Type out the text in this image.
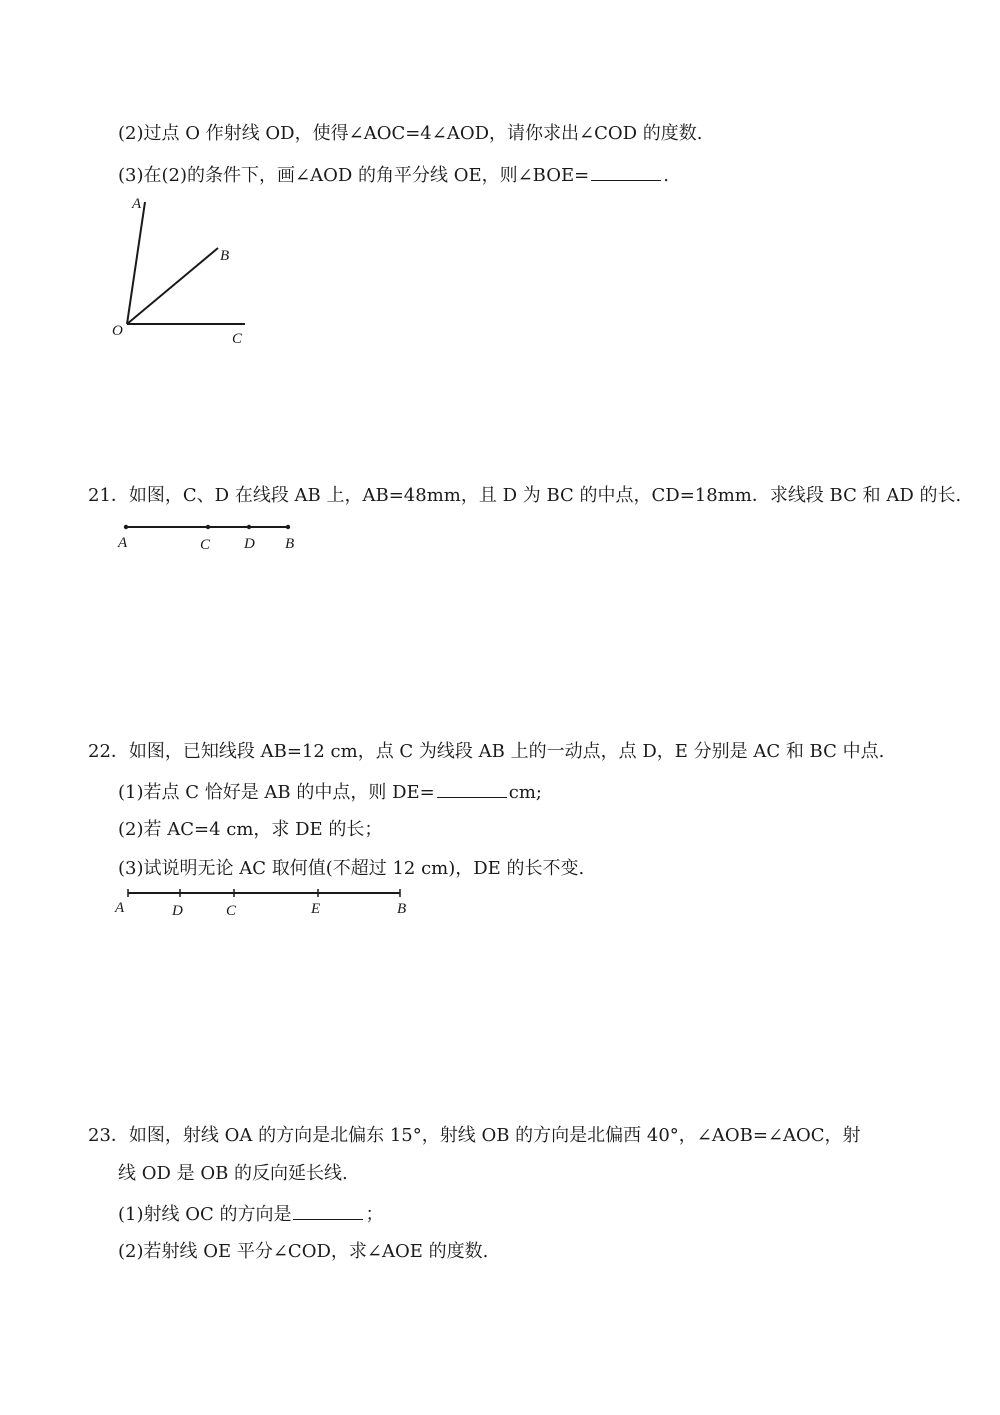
(2)过点 O 作射线 OD，使得∠AOC=4∠AOD，请你求出∠COD 的度数.
(3)在(2)的条件下，画∠AOD 的角平分线 OE，则∠BOE=	.
A
B
O	C
21．如图，C、D 在线段 AB 上，AB=48mm，且 D 为 BC 的中点，CD=18mm．求线段 BC 和 AD 的长.
A	C D B
22．如图，已知线段 AB=12 cm，点 C 为线段 AB 上的一动点，点 D，E 分别是 AC 和 BC 中点.
(1)若点 C 恰好是 AB 的中点，则 DE=	cm;
(2)若 AC=4 cm，求 DE 的长；
(3)试说明无论 AC 取何值(不超过 12 cm)，DE 的长不变.
A	D	C	E	B
23．如图，射线 OA 的方向是北偏东 15°，射线 OB 的方向是北偏西 40°，∠AOB=∠AOC，射
线 OD 是 OB 的反向延长线.
(1)射线 OC 的方向是	；
(2)若射线 OE 平分∠COD，求∠AOE 的度数.
